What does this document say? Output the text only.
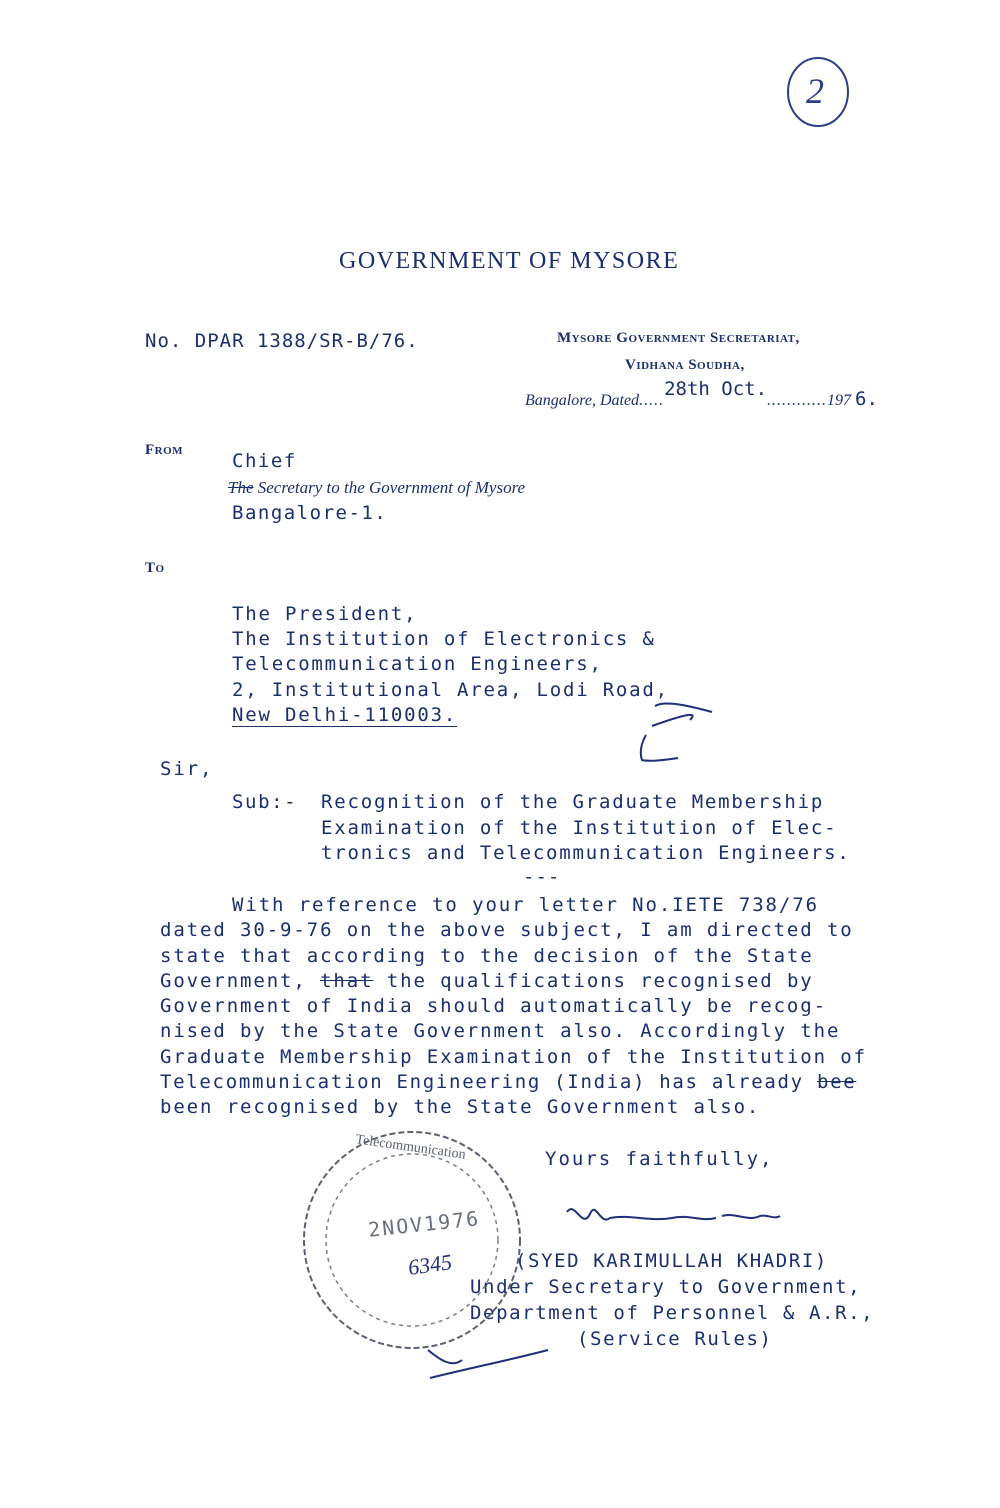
2
GOVERNMENT OF MYSORE
No. DPAR 1388/SR-B/76.	Mysore Government Secretariat,
Vidhana Soudha,
Bangalore, Dated.....28th Oct.............197 6.
From	Chief
The Secretary to the Government of Mysore
Bangalore-1.
To
The President,
The Institution of Electronics &
Telecommunication Engineers,
2, Institutional Area, Lodi Road,
New Delhi-110003.
Sir,
Sub:- Recognition of the Graduate Membership
Examination of the Institution of Elec-
tronics and Telecommunication Engineers.
---
With reference to your letter No.IETE 738/76
dated 30-9-76 on the above subject, I am directed to
state that according to the decision of the State
Government, that the qualifications recognised by
Government of India should automatically be recog-
nised by the State Government also. Accordingly the
Graduate Membership Examination of the Institution of
Telecommunication Engineering (India) has already bee
been recognised by the State Government also.
Yours faithfully,
(SYED KARIMULLAH KHADRI)
Under Secretary to Government,
Department of Personnel & A.R.,
(Service Rules)
Telecommunication
2NOV1976
6345
